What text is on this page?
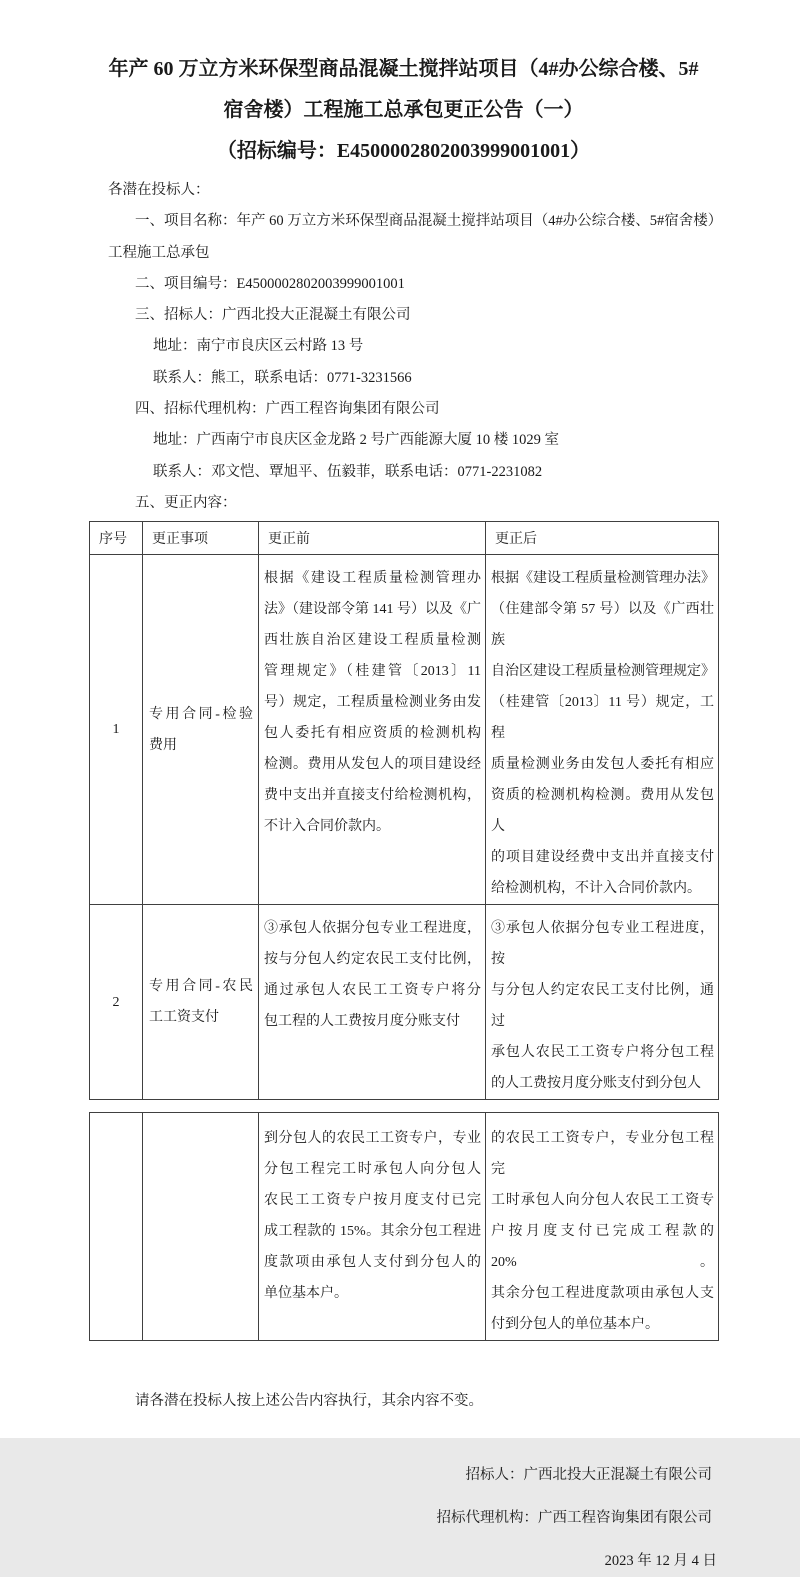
年产 60 万立方米环保型商品混凝土搅拌站项目（4#办公综合楼、5#
宿舍楼）工程施工总承包更正公告（一）
（招标编号：E4500002802003999001001）
各潜在投标人：
一、项目名称：年产 60 万立方米环保型商品混凝土搅拌站项目（4#办公综合楼、5#宿舍楼）
工程施工总承包
二、项目编号：E4500002802003999001001
三、招标人：广西北投大正混凝土有限公司
地址：南宁市良庆区云村路 13 号
联系人：熊工，联系电话：0771-3231566
四、招标代理机构：广西工程咨询集团有限公司
地址：广西南宁市良庆区金龙路 2 号广西能源大厦 10 楼 1029 室
联系人：邓文恺、覃旭平、伍毅菲，联系电话：0771-2231082
五、更正内容：
序号	更正事项	更正前	更正后
1	
专用合同-检验
费用

根据《建设工程质量检测管理办
法》（建设部令第 141 号）以及《广
西壮族自治区建设工程质量检测
管理规定》（桂建管〔2013〕11
号）规定，工程质量检测业务由发
包人委托有相应资质的检测机构
检测。费用从发包人的项目建设经
费中支出并直接支付给检测机构，
不计入合同价款内。

根据《建设工程质量检测管理办法》
（住建部令第 57 号）以及《广西壮族
自治区建设工程质量检测管理规定》
（桂建管〔2013〕11 号）规定，工程
质量检测业务由发包人委托有相应
资质的检测机构检测。费用从发包人
的项目建设经费中支出并直接支付
给检测机构，不计入合同价款内。

2	
专用合同-农民
工工资支付

③承包人依据分包专业工程进度，
按与分包人约定农民工支付比例，
通过承包人农民工工资专户将分
包工程的人工费按月度分账支付

③承包人依据分包专业工程进度，按
与分包人约定农民工支付比例，通过
承包人农民工工资专户将分包工程
的人工费按月度分账支付到分包人

到分包人的农民工工资专户，专业
分包工程完工时承包人向分包人
农民工工资专户按月度支付已完
成工程款的 15%。其余分包工程进
度款项由承包人支付到分包人的
单位基本户。

的农民工工资专户，专业分包工程完
工时承包人向分包人农民工工资专
户按月度支付已完成工程款的 20%。
其余分包工程进度款项由承包人支
付到分包人的单位基本户。
请各潜在投标人按上述公告内容执行，其余内容不变。
招标人：广西北投大正混凝土有限公司
招标代理机构：广西工程咨询集团有限公司
2023 年 12 月 4 日
